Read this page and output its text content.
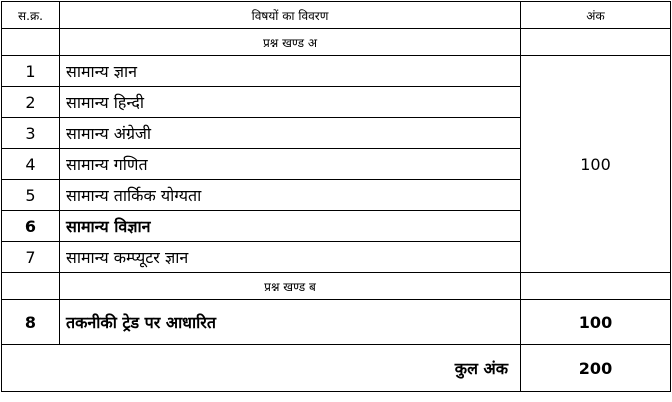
स.क्र.	विषयों का विवरण	अंक
	प्रश्न खण्ड अ	
1	सामान्य ज्ञान	100
2	सामान्य हिन्दी	
3	सामान्य अंग्रेजी	
4	सामान्य गणित	
5	सामान्य तार्किक योग्यता	
6	सामान्य विज्ञान	
7	सामान्य कम्प्यूटर ज्ञान	
	प्रश्न खण्ड ब	
8	तकनीकी ट्रेड पर आधारित	100
कुल अंक		200
